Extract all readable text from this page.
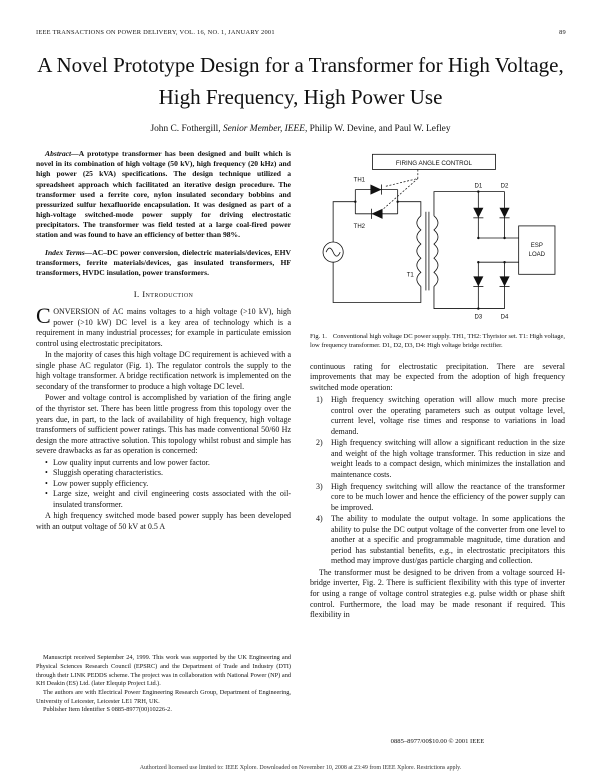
IEEE TRANSACTIONS ON POWER DELIVERY, VOL. 16, NO. 1, JANUARY 2001	89
A Novel Prototype Design for a Transformer for High Voltage, High Frequency, High Power Use
John C. Fothergill, Senior Member, IEEE, Philip W. Devine, and Paul W. Lefley

Abstract—A prototype transformer has been designed and built which is novel in its combination of high voltage (50 kV), high frequency (20 kHz) and high power (25 kVA) specifications. The design technique utilized a spreadsheet approach which facilitated an iterative design procedure. The transformer used a ferrite core, nylon insulated secondary bobbins and pressurized sulfur hexafluoride encapsulation. It was designed as part of a high-voltage switched-mode power supply for driving electrostatic precipitators. The transformer was field tested at a large coal-fired power station and was found to have an efficiency of better than 98%.

Index Terms—AC–DC power conversion, dielectric materials/devices, EHV transformers, ferrite materials/devices, gas insulated transformers, HF transformers, HVDC insulation, power transformers.

I. Introduction

CONVERSION of AC mains voltages to a high voltage (>10 kV), high power (>10 kW) DC level is a key area of technology which is a requirement in many industrial processes; for example in particulate emission control using electrostatic precipitators.

In the majority of cases this high voltage DC requirement is achieved with a single phase AC regulator (Fig. 1). The regulator controls the supply to the high voltage transformer. A bridge rectification network is implemented on the secondary of the transformer to produce a high voltage DC level.

Power and voltage control is accomplished by variation of the firing angle of the thyristor set. There has been little progress from this topology over the years due, in part, to the lack of availability of high frequency, high voltage transformers of sufficient power ratings. This has made conventional 50/60 Hz design the more attractive solution. This topology whilst robust and simple has severe drawbacks as far as operation is concerned:

• Low quality input currents and low power factor.
• Sluggish operating characteristics.
• Low power supply efficiency.
• Large size, weight and civil engineering costs associated with the oil-insulated transformer.

A high frequency switched mode based power supply has been developed with an output voltage of 50 kV at 0.5 A

Manuscript received September 24, 1999. This work was supported by the UK Engineering and Physical Sciences Research Council (EPSRC) and the Department of Trade and Industry (DTI) through their LINK PEDDS scheme. The project was in collaboration with National Power (NP) and KH Deakin (ES) Ltd. (later Elequip Project Ltd.).

The authors are with Electrical Power Engineering Research Group, Department of Engineering, University of Leicester, Leicester LE1 7RH, UK.

Publisher Item Identifier S 0885-8977(00)10226-2.

FIRING ANGLE CONTROL
TH1
TH2
T1
D1	D2
D3	D4
ESP
LOAD

Fig. 1. Conventional high voltage DC power supply. TH1, TH2: Thyristor set. T1: High voltage, low frequency transformer. D1, D2, D3, D4: High voltage bridge rectifier.

continuous rating for electrostatic precipitation. There are several improvements that may be expected from the adoption of high frequency switched mode operation:

1)	High frequency switching operation will allow much more precise control over the operating parameters such as output voltage level, current level, voltage rise times and response to variations in load demand.
2)	High frequency switching will allow a significant reduction in the size and weight of the high voltage transformer. This reduction in size and weight leads to a compact design, which minimizes the installation and maintenance costs.
3)	High frequency switching will allow the reactance of the transformer core to be much lower and hence the efficiency of the power supply can be improved.
4)	The ability to modulate the output voltage. In some applications the ability to pulse the DC output voltage of the converter from one level to another at a specific and programmable magnitude, time duration and period has substantial benefits, e.g., in electrostatic precipitators this method may improve dust/gas particle charging and collection.

The transformer must be designed to be driven from a voltage sourced H-bridge inverter, Fig. 2. There is sufficient flexibility with this type of inverter for using a range of voltage control strategies e.g. pulse width or phase shift control. Furthermore, the load may be made resonant if required. This flexibility in

0885–8977/00$10.00 © 2001 IEEE
Authorized licensed use limited to: IEEE Xplore. Downloaded on November 10, 2008 at 23:49 from IEEE Xplore. Restrictions apply.
